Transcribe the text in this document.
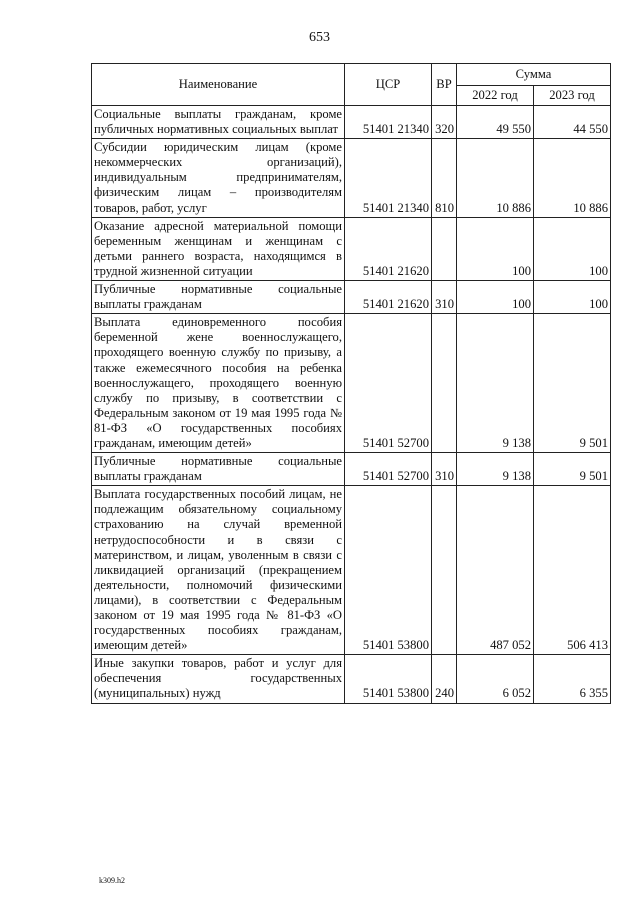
653
Наименование	ЦСР	ВР	Сумма	
			2022 год	2023 год
Социальные выплаты гражданам, кроме публичных нормативных социальных выплат	51401 21340	320	49 550	44 550
Субсидии юридическим лицам (кроме некоммерческих организаций), индивидуальным предпринимателям, физическим лицам – производителям товаров, работ, услуг	51401 21340	810	10 886	10 886
Оказание адресной материальной помощи беременным женщинам и женщинам с детьми раннего возраста, находящимся в трудной жизненной ситуации	51401 21620		100	100
Публичные нормативные социальные выплаты гражданам	51401 21620	310	100	100
Выплата единовременного пособия беременной жене военнослужащего, проходящего военную службу по призыву, а также ежемесячного пособия на ребенка военнослужащего, проходящего военную службу по призыву, в соответствии с Федеральным законом от 19 мая 1995 года № 81-ФЗ «О государственных пособиях гражданам, имеющим детей»	51401 52700		9 138	9 501
Публичные нормативные социальные выплаты гражданам	51401 52700	310	9 138	9 501
Выплата государственных пособий лицам, не подлежащим обязательному социальному страхованию на случай временной нетрудоспособности и в связи с материнством, и лицам, уволенным в связи с ликвидацией организаций (прекращением деятельности, полномочий физическими лицами), в соответствии с Федеральным законом от 19 мая 1995 года № 81-ФЗ «О государственных пособиях гражданам, имеющим детей»	51401 53800		487 052	506 413
Иные закупки товаров, работ и услуг для обеспечения государственных (муниципальных) нужд	51401 53800	240	6 052	6 355
k309.h2
